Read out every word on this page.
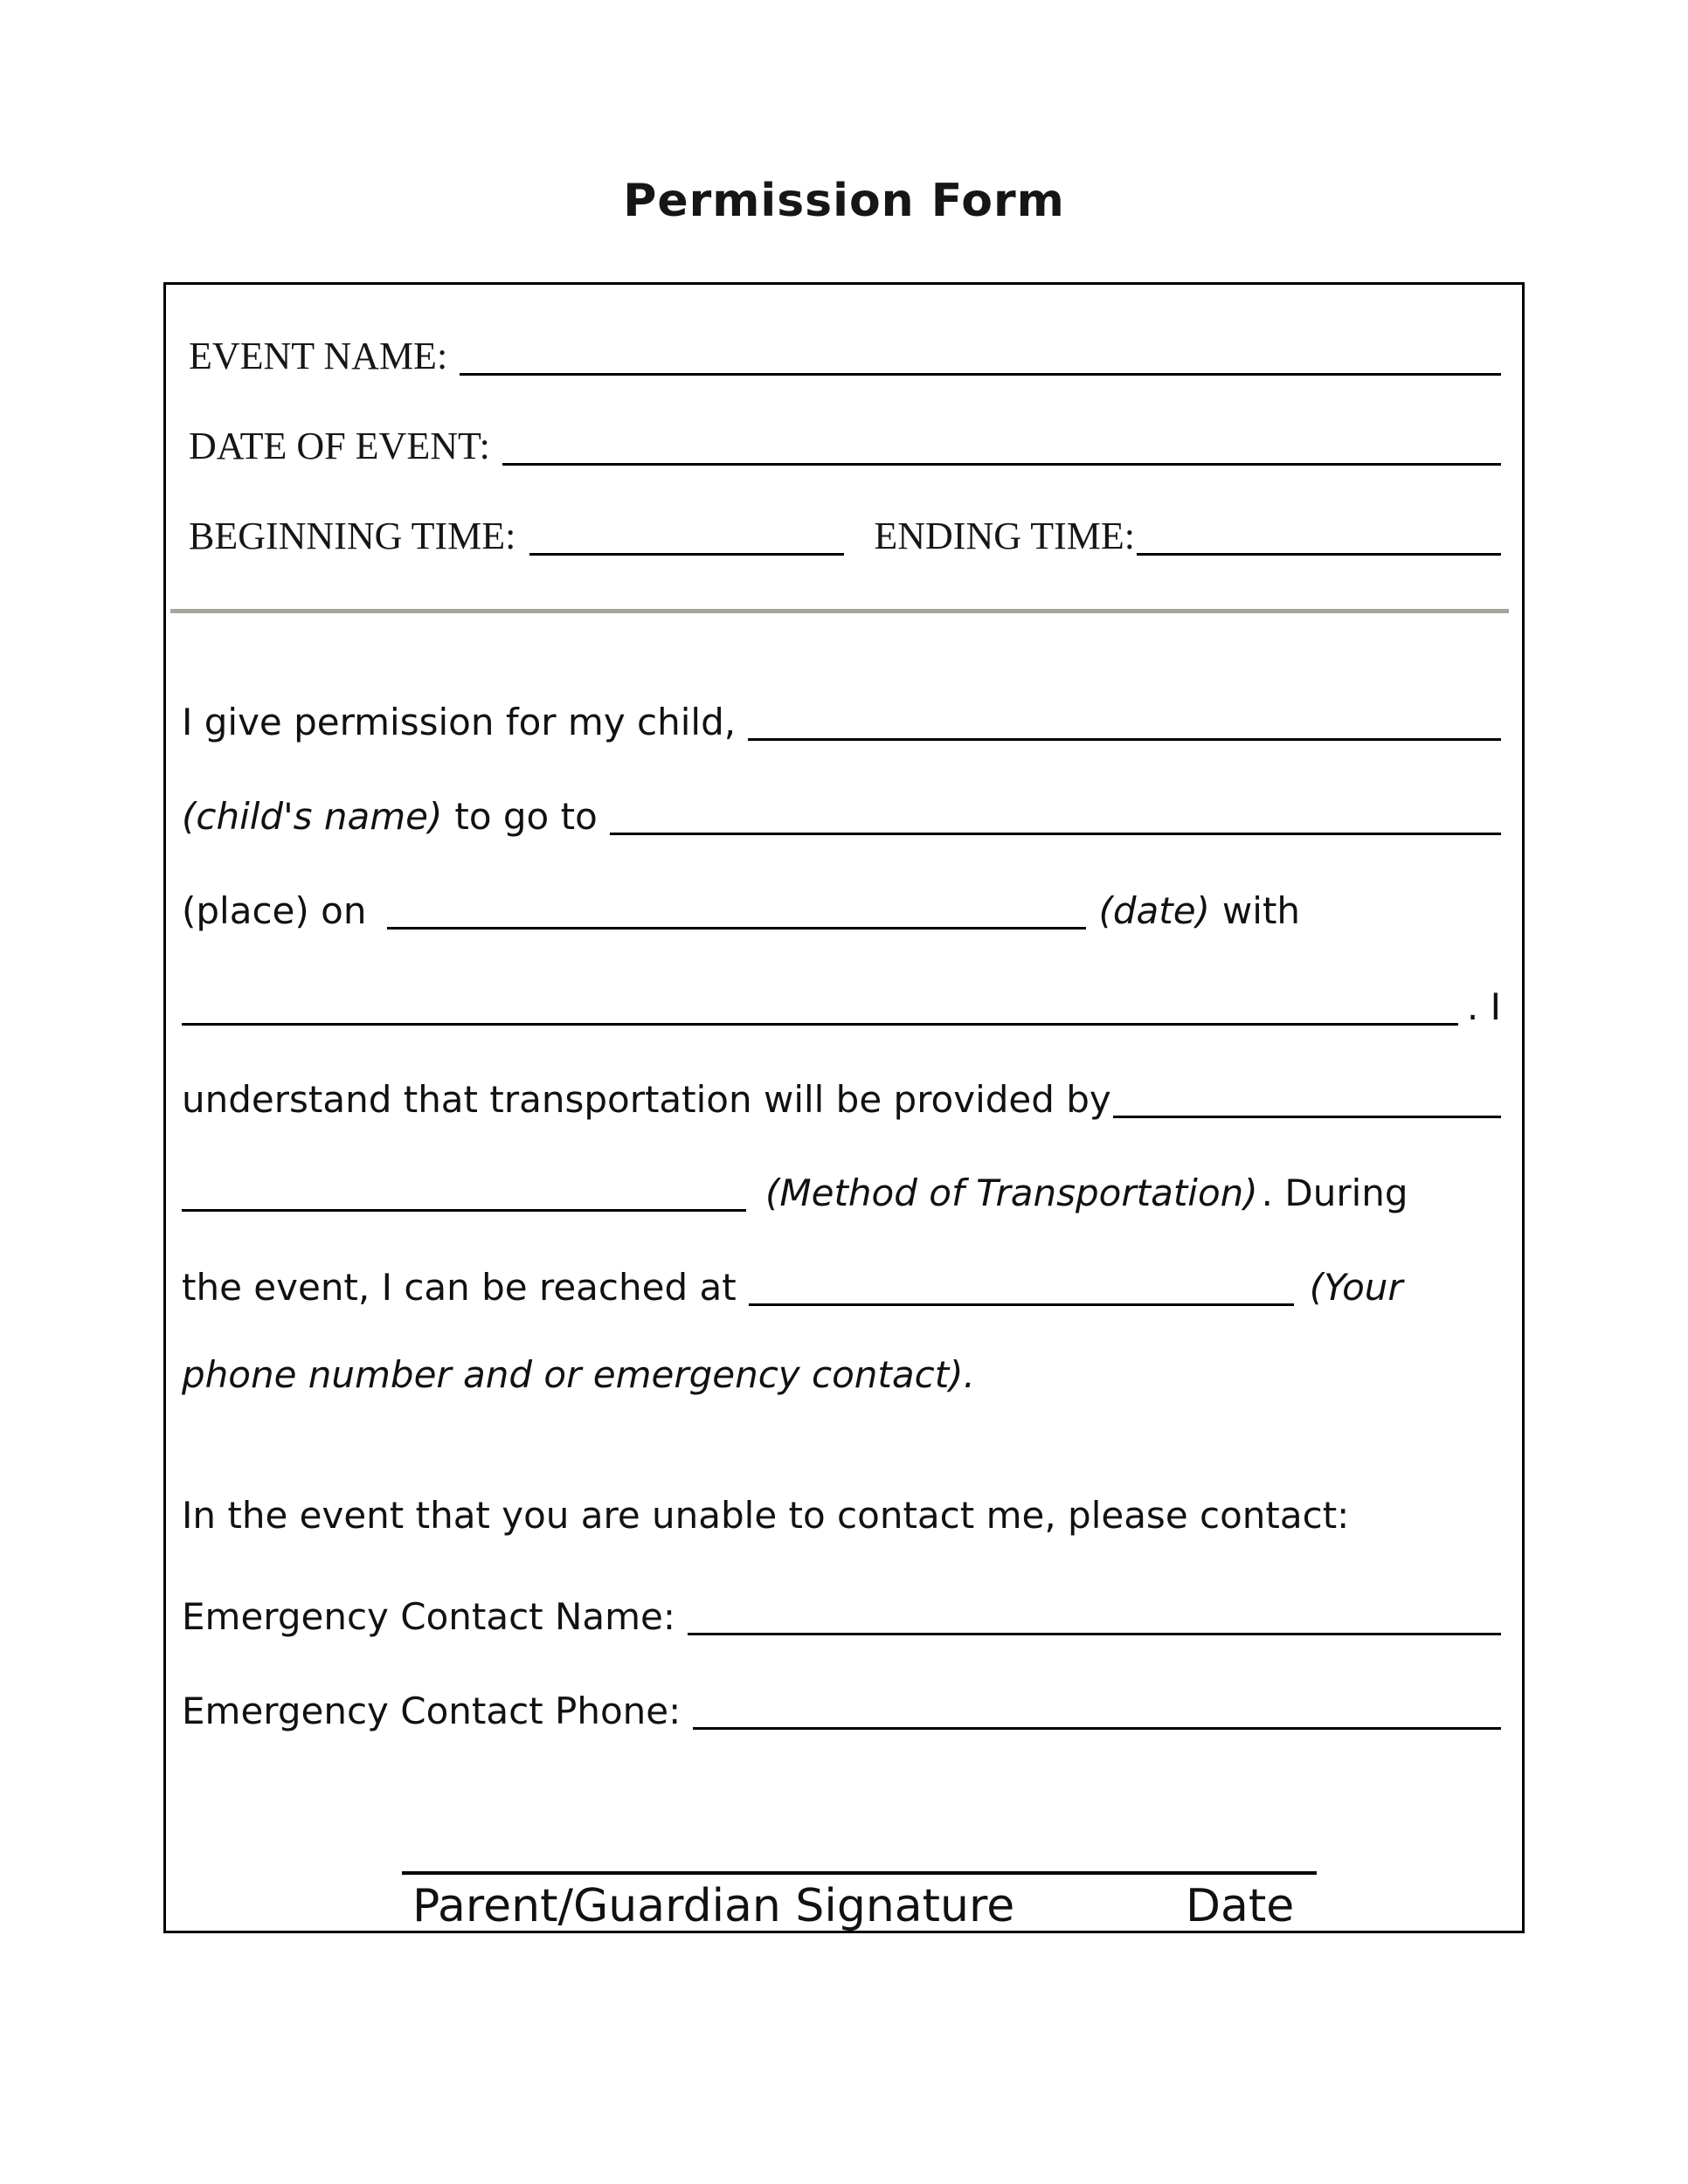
Permission Form
EVENT NAME:
DATE OF EVENT:
BEGINNING TIME:	ENDING TIME:
I give permission for my child,
(child's name) to go to
(place) on	(date) with
. I
understand that transportation will be provided by
(Method of Transportation) . During
the event, I can be reached at	(Your
phone number and or emergency contact).
In the event that you are unable to contact me, please contact:
Emergency Contact Name:
Emergency Contact Phone:
Parent/Guardian Signature	Date
